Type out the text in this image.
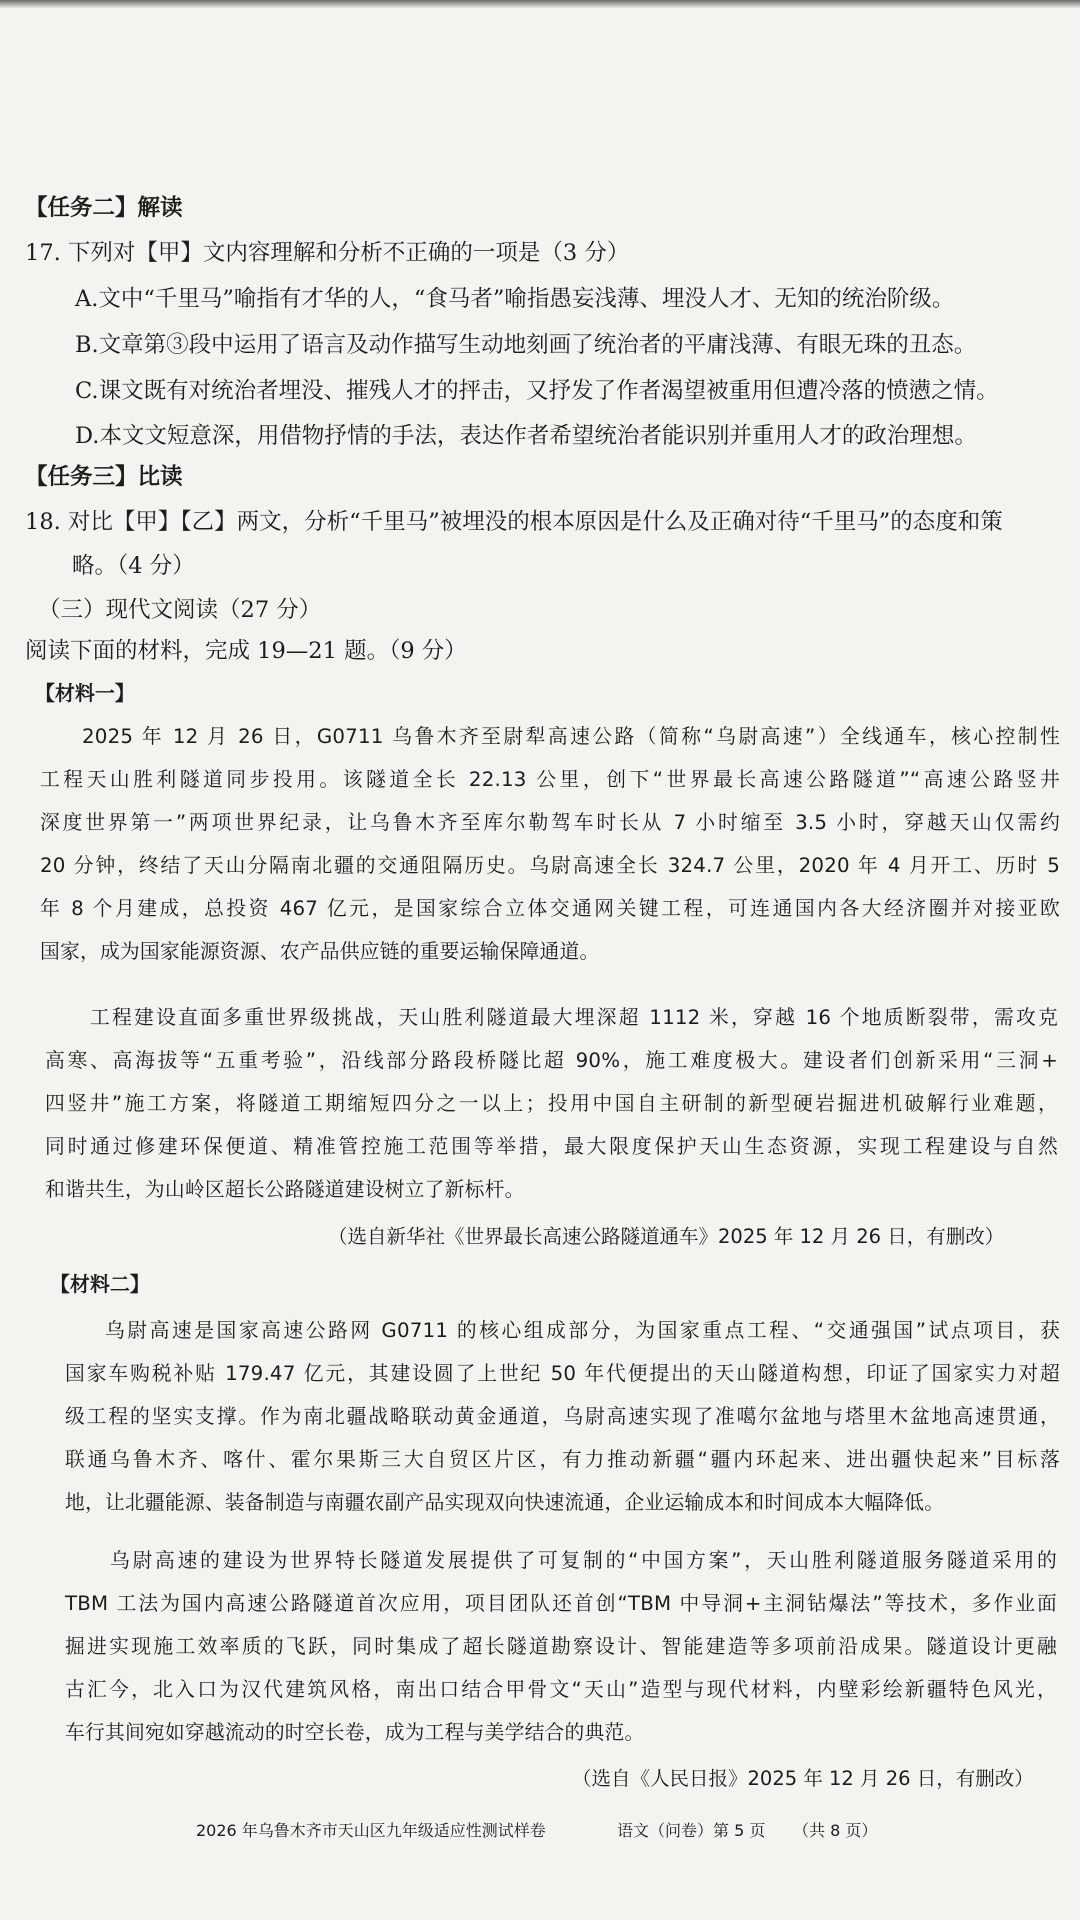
【任务二】解读
17. 下列对【甲】文内容理解和分析不正确的一项是（3 分）
A.文中“千里马”喻指有才华的人，“食马者”喻指愚妄浅薄、埋没人才、无知的统治阶级。
B.文章第③段中运用了语言及动作描写生动地刻画了统治者的平庸浅薄、有眼无珠的丑态。
C.课文既有对统治者埋没、摧残人才的抨击，又抒发了作者渴望被重用但遭冷落的愤懑之情。
D.本文文短意深，用借物抒情的手法，表达作者希望统治者能识别并重用人才的政治理想。
【任务三】比读
18. 对比【甲】【乙】两文，分析“千里马”被埋没的根本原因是什么及正确对待“千里马”的态度和策
略。（4 分）
（三）现代文阅读（27 分）
阅读下面的材料，完成 19—21 题。（9 分）
【材料一】
2025 年 12 月 26 日，G0711 乌鲁木齐至尉犁高速公路（简称“乌尉高速”）全线通车，核心控制性
工程天山胜利隧道同步投用。该隧道全长 22.13 公里，创下“世界最长高速公路隧道”“高速公路竖井
深度世界第一”两项世界纪录，让乌鲁木齐至库尔勒驾车时长从 7 小时缩至 3.5 小时，穿越天山仅需约
20 分钟，终结了天山分隔南北疆的交通阻隔历史。乌尉高速全长 324.7 公里，2020 年 4 月开工、历时 5
年 8 个月建成，总投资 467 亿元，是国家综合立体交通网关键工程，可连通国内各大经济圈并对接亚欧
国家，成为国家能源资源、农产品供应链的重要运输保障通道。
工程建设直面多重世界级挑战，天山胜利隧道最大埋深超 1112 米，穿越 16 个地质断裂带，需攻克
高寒、高海拔等“五重考验”，沿线部分路段桥隧比超 90%，施工难度极大。建设者们创新采用“三洞+
四竖井”施工方案，将隧道工期缩短四分之一以上；投用中国自主研制的新型硬岩掘进机破解行业难题，
同时通过修建环保便道、精准管控施工范围等举措，最大限度保护天山生态资源，实现工程建设与自然
和谐共生，为山岭区超长公路隧道建设树立了新标杆。
（选自新华社《世界最长高速公路隧道通车》2025 年 12 月 26 日，有删改）
【材料二】
乌尉高速是国家高速公路网 G0711 的核心组成部分，为国家重点工程、“交通强国”试点项目，获
国家车购税补贴 179.47 亿元，其建设圆了上世纪 50 年代便提出的天山隧道构想，印证了国家实力对超
级工程的坚实支撑。作为南北疆战略联动黄金通道，乌尉高速实现了准噶尔盆地与塔里木盆地高速贯通，
联通乌鲁木齐、喀什、霍尔果斯三大自贸区片区，有力推动新疆“疆内环起来、进出疆快起来”目标落
地，让北疆能源、装备制造与南疆农副产品实现双向快速流通，企业运输成本和时间成本大幅降低。
乌尉高速的建设为世界特长隧道发展提供了可复制的“中国方案”，天山胜利隧道服务隧道采用的
TBM 工法为国内高速公路隧道首次应用，项目团队还首创“TBM 中导洞+主洞钻爆法”等技术，多作业面
掘进实现施工效率质的飞跃，同时集成了超长隧道勘察设计、智能建造等多项前沿成果。隧道设计更融
古汇今，北入口为汉代建筑风格，南出口结合甲骨文“天山”造型与现代材料，内壁彩绘新疆特色风光，
车行其间宛如穿越流动的时空长卷，成为工程与美学结合的典范。
（选自《人民日报》2025 年 12 月 26 日，有删改）
2026 年乌鲁木齐市天山区九年级适应性测试样卷	语文（问卷）第 5 页 （共 8 页）
